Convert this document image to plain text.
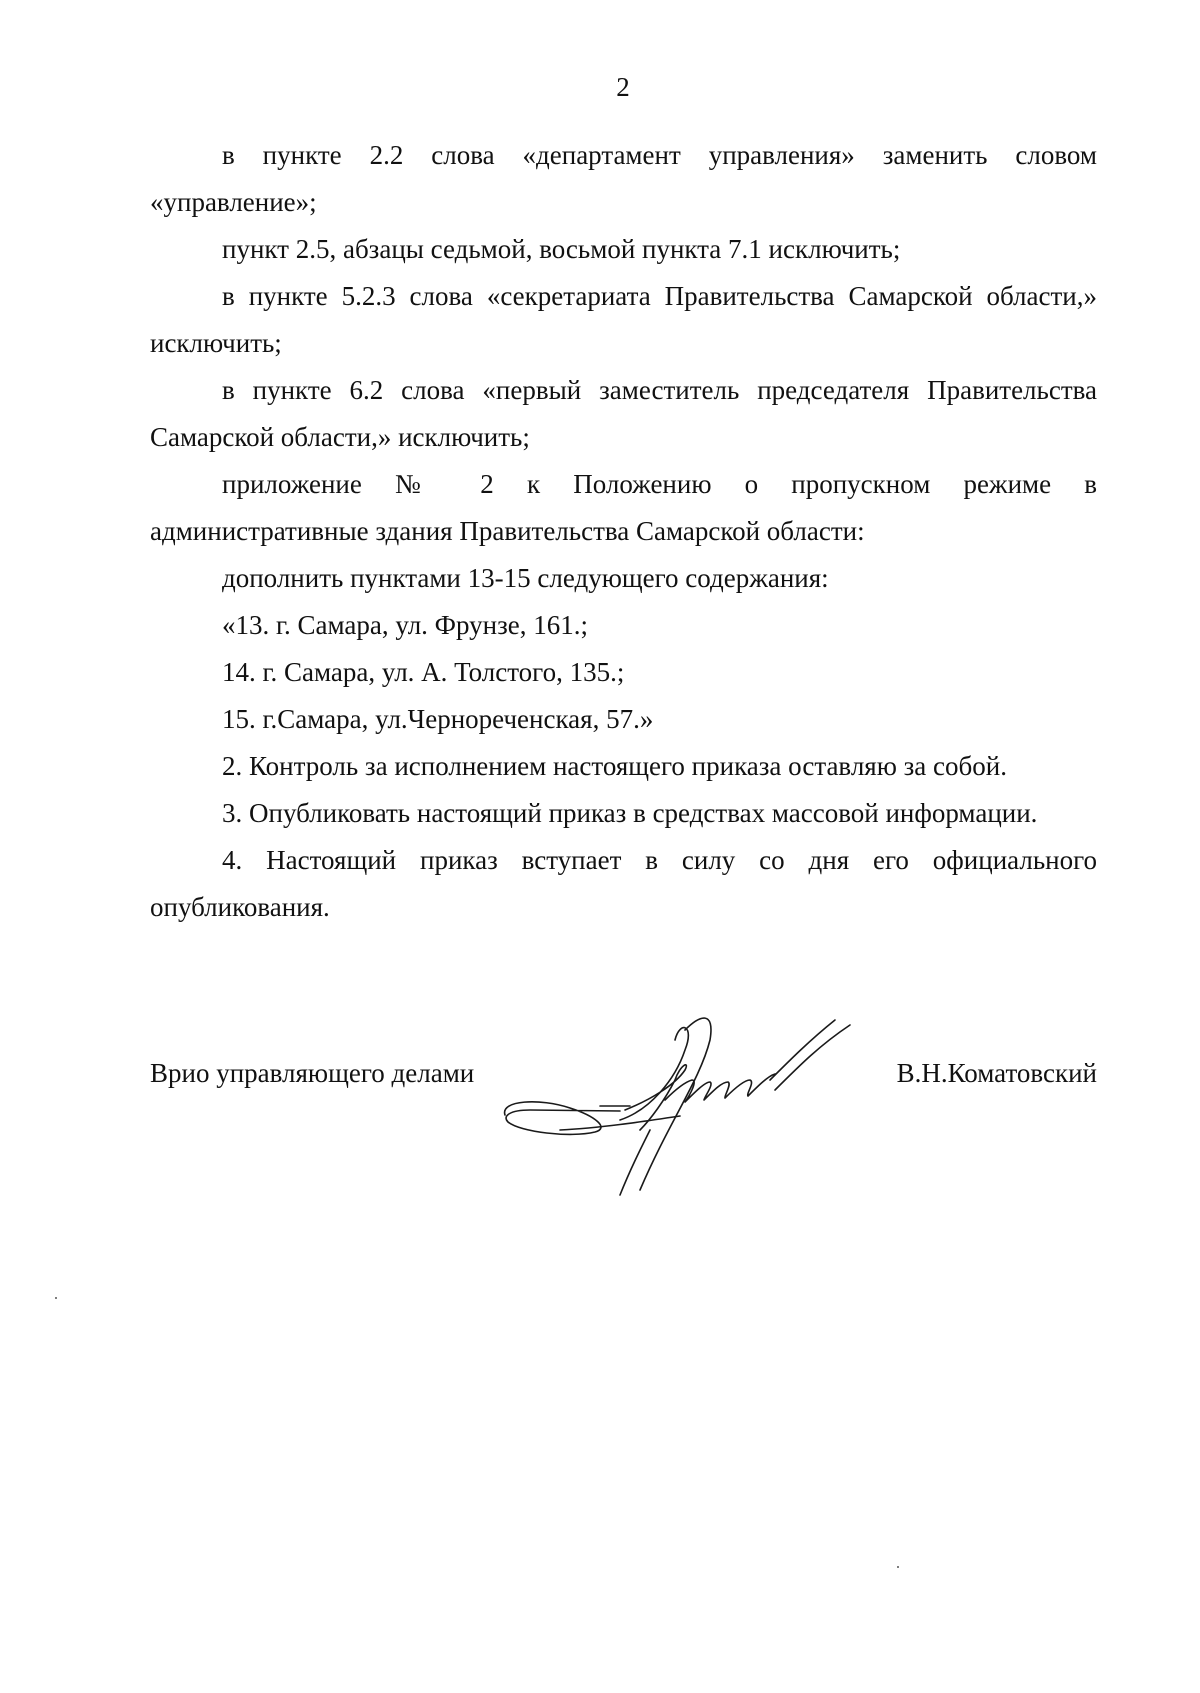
2

в пункте 2.2 слова «департамент управления» заменить словом
«управление»;

пункт 2.5, абзацы седьмой, восьмой пункта 7.1 исключить;

в пункте 5.2.3 слова «секретариата Правительства Самарской области,»
исключить;

в пункте 6.2 слова «первый заместитель председателя Правительства
Самарской области,» исключить;

приложение № 2 к Положению о пропускном режиме в
административные здания Правительства Самарской области:

дополнить пунктами 13-15 следующего содержания:

«13. г. Самара, ул. Фрунзе, 161.;

14. г. Самара, ул. А. Толстого, 135.;

15. г.Самара, ул.Чернореченская, 57.»

2. Контроль за исполнением настоящего приказа оставляю за собой.

3. Опубликовать настоящий приказ в средствах массовой информации.

4. Настоящий приказ вступает в силу со дня его официального
опубликования.

Врио управляющего делами	В.Н.Коматовский
